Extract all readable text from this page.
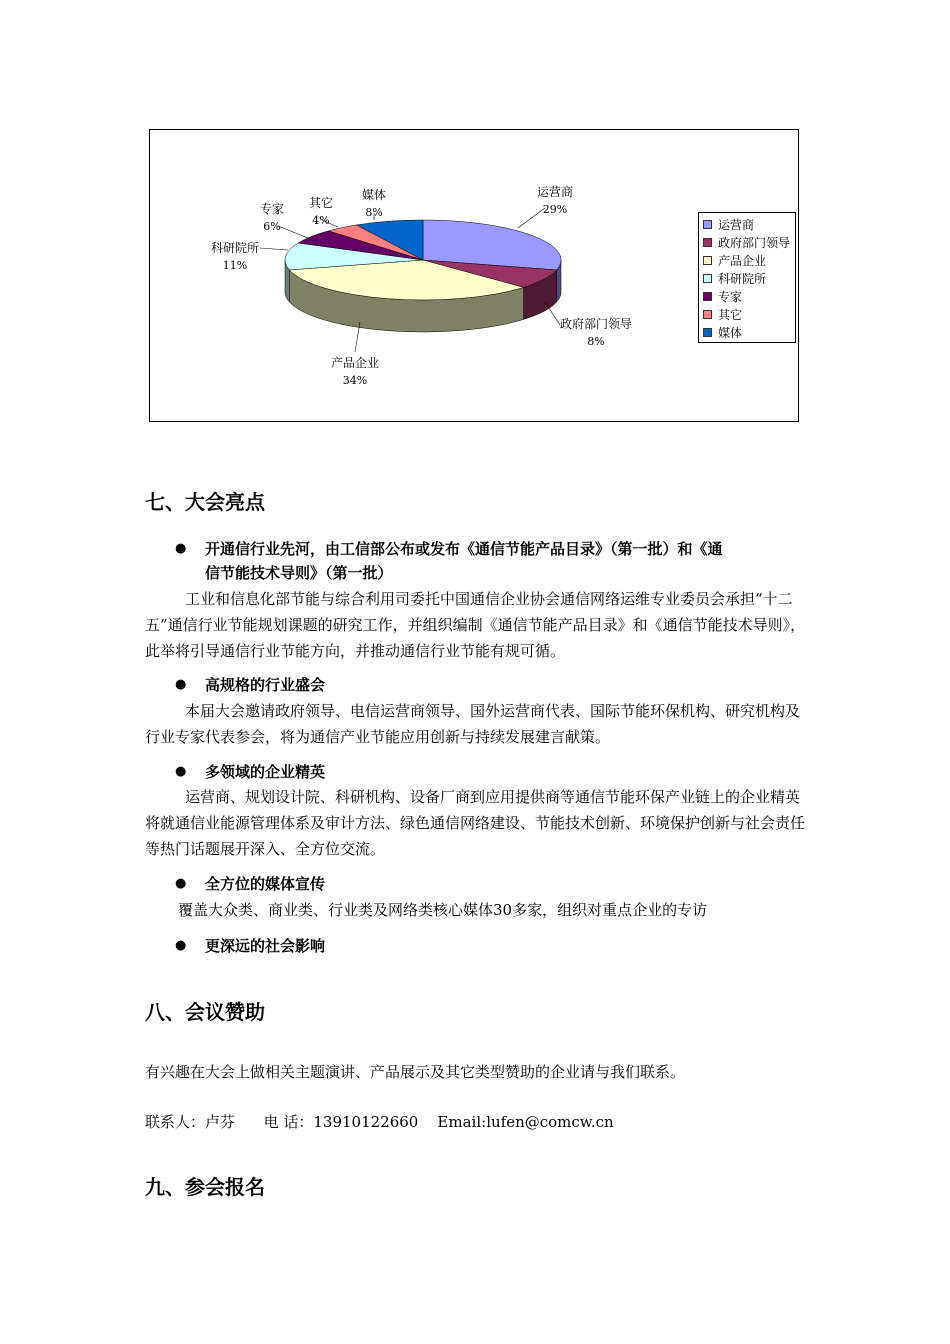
运营商
29%
政府部门领导
8%
产品企业
34%
科研院所
11%
专家
6%
其它
4%
媒体
8%
运营商
政府部门领导
产品企业
科研院所
专家
其它
媒体
七、大会亮点
●	开通信行业先河，由工信部公布或发布《通信节能产品目录》（第一批）和《通
信节能技术导则》（第一批）
工业和信息化部节能与综合利用司委托中国通信企业协会通信网络运维专业委员会承担“十二五”通信行业节能规划课题的研究工作，并组织编制《通信节能产品目录》和《通信节能技术导则》，此举将引导通信行业节能方向，并推动通信行业节能有规可循。
●	高规格的行业盛会
本届大会邀请政府领导、电信运营商领导、国外运营商代表、国际节能环保机构、研究机构及行业专家代表参会，将为通信产业节能应用创新与持续发展建言献策。
●	多领域的企业精英
运营商、规划设计院、科研机构、设备厂商到应用提供商等通信节能环保产业链上的企业精英将就通信业能源管理体系及审计方法、绿色通信网络建设、节能技术创新、环境保护创新与社会责任等热门话题展开深入、全方位交流。
●	全方位的媒体宣传
覆盖大众类、商业类、行业类及网络类核心媒体30多家，组织对重点企业的专访
●	更深远的社会影响
八、会议赞助
有兴趣在大会上做相关主题演讲、产品展示及其它类型赞助的企业请与我们联系。
联系人：卢芬      电 话：13910122660    Email:lufen@comcw.cn
九、参会报名
